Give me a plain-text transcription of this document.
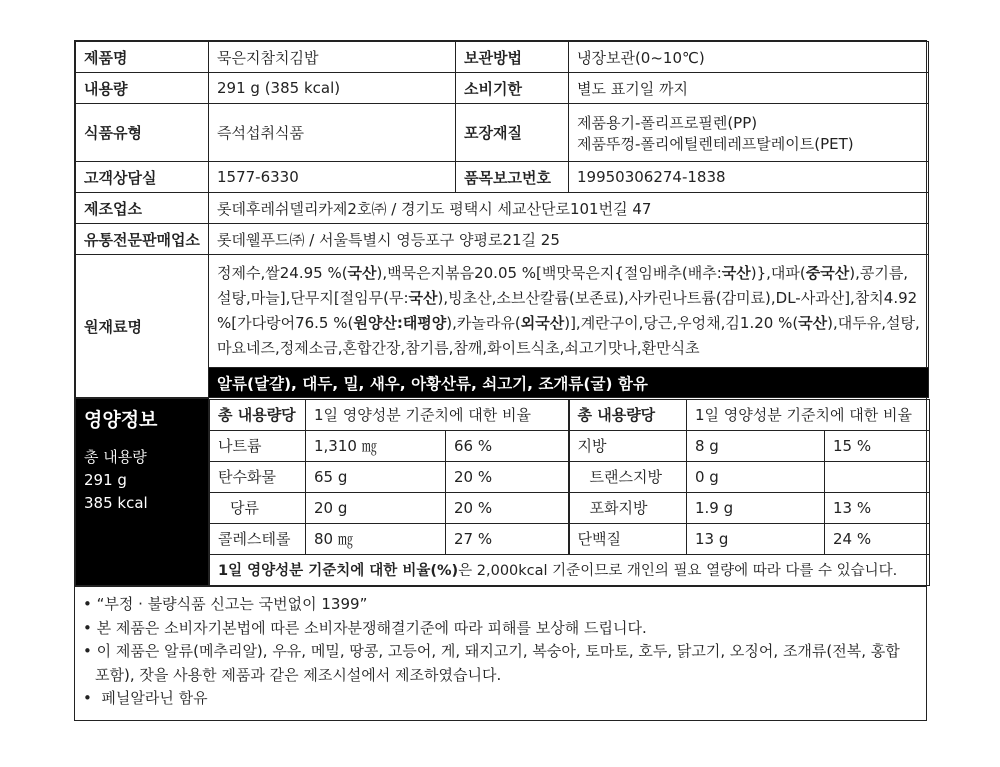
제품명	묵은지참치김밥	보관방법	냉장보관(0~10℃)
내용량	291 g (385 kcal)	소비기한	별도 표기일 까지
식품유형	즉석섭취식품	포장재질	제품용기-폴리프로필렌(PP)
제품뚜껑-폴리에틸렌테레프탈레이트(PET)

고객상담실	1577-6330	품목보고번호	19950306274-1838
제조업소	롯데후레쉬델리카제2호㈜ / 경기도 평택시 세교산단로101번길 47		
유통전문판매업소	롯데웰푸드㈜ / 서울특별시 영등포구 양평로21길 25		
원재료명	정제수,쌀24.95 %(국산),백묵은지볶음20.05 %[백맛묵은지{절임배추(배추:국산)},대파(중국산),콩기름,설탕,마늘],단무지[절임무(무:국산),빙초산,소브산칼륨(보존료),사카린나트륨(감미료),DL-사과산],참치4.92 %[가다랑어76.5 %(원양산:태평양),카놀라유(외국산)],계란구이,당근,우엉채,김1.20 %(국산),대두유,설탕,마요네즈,정제소금,혼합간장,참기름,참깨,화이트식초,쇠고기맛나,환만식초		
	알류(달걀), 대두, 밀, 새우, 아황산류, 쇠고기, 조개류(굴) 함유		
영양정보
총 내용량
291 g
385 kcal

총 내용량당	1일 영양성분 기준치에 대한 비율	총 내용량당	1일 영양성분 기준치에 대한 비율
나트륨	1,310 ㎎	66 %	지방	8 g	15 %
탄수화물	65 g	20 %	트랜스지방	0 g	
당류	20 g	20 %	포화지방	1.9 g	13 %
콜레스테롤	80 ㎎	27 %	단백질	13 g	24 %
1일 영양성분 기준치에 대한 비율(%)은 2,000kcal 기준이므로 개인의 필요 열량에 따라 다를 수 있습니다.
• “부정 · 불량식품 신고는 국번없이 1399”
• 본 제품은 소비자기본법에 따른 소비자분쟁해결기준에 따라 피해를 보상해 드립니다.
• 이 제품은 알류(메추리알), 우유, 메밀, 땅콩, 고등어, 게, 돼지고기, 복숭아, 토마토, 호두, 닭고기, 오징어, 조개류(전복, 홍합
포함), 잣을 사용한 제품과 같은 제조시설에서 제조하였습니다.
• 페닐알라닌 함유
